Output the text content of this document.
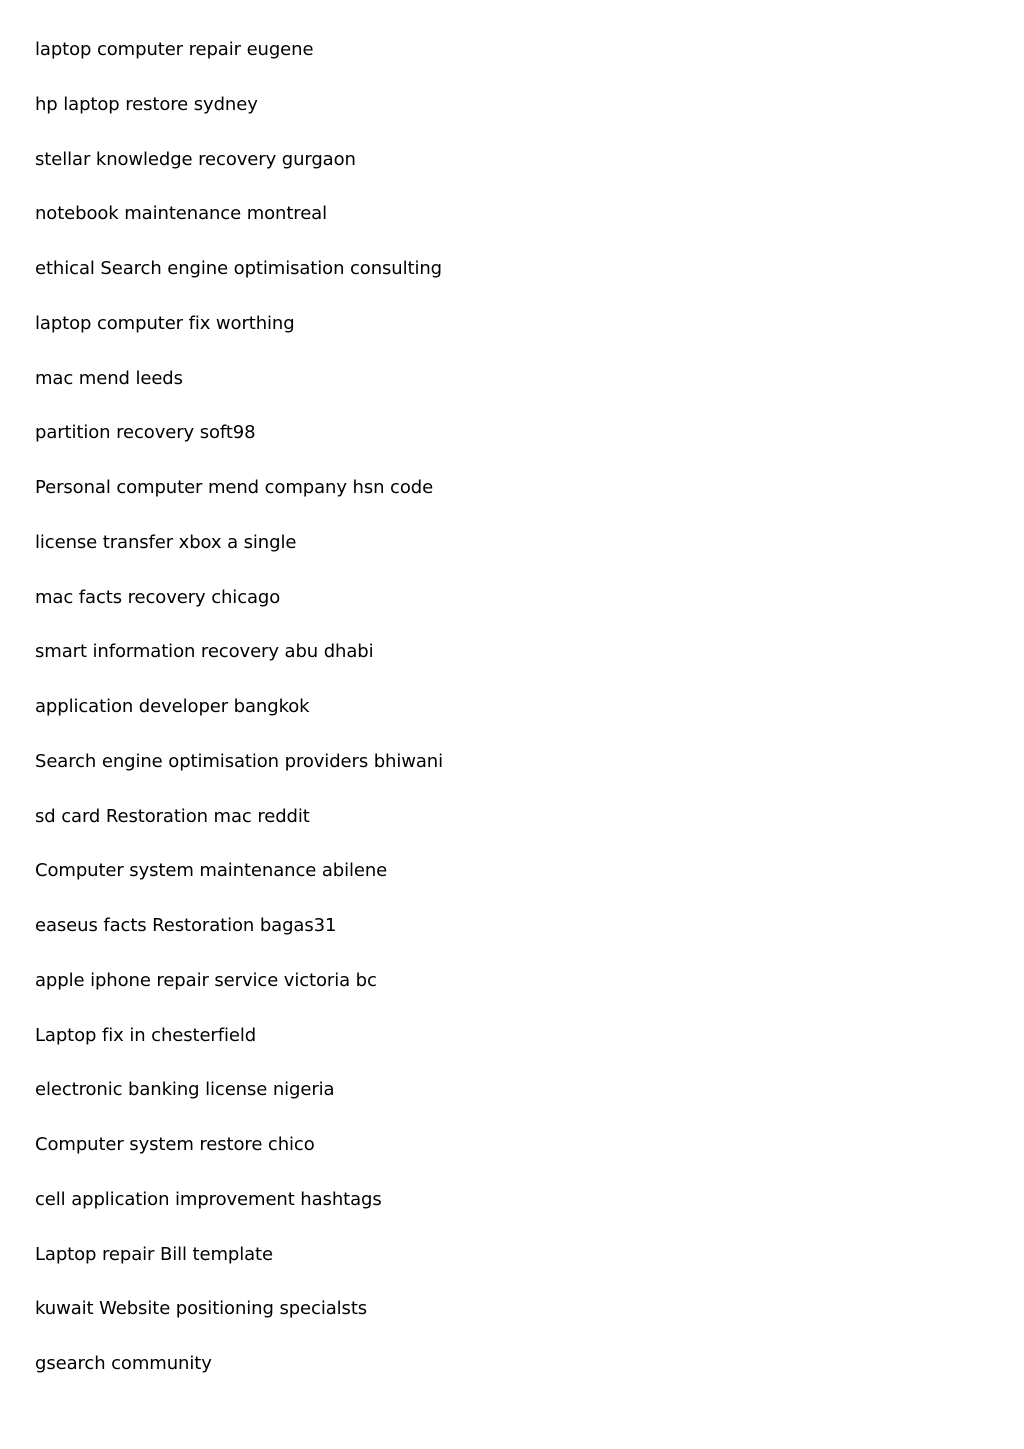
laptop computer repair eugene
hp laptop restore sydney
stellar knowledge recovery gurgaon
notebook maintenance montreal
ethical Search engine optimisation consulting
laptop computer fix worthing
mac mend leeds
partition recovery soft98
Personal computer mend company hsn code
license transfer xbox a single
mac facts recovery chicago
smart information recovery abu dhabi
application developer bangkok
Search engine optimisation providers bhiwani
sd card Restoration mac reddit
Computer system maintenance abilene
easeus facts Restoration bagas31
apple iphone repair service victoria bc
Laptop fix in chesterfield
electronic banking license nigeria
Computer system restore chico
cell application improvement hashtags
Laptop repair Bill template
kuwait Website positioning specialsts
gsearch community
